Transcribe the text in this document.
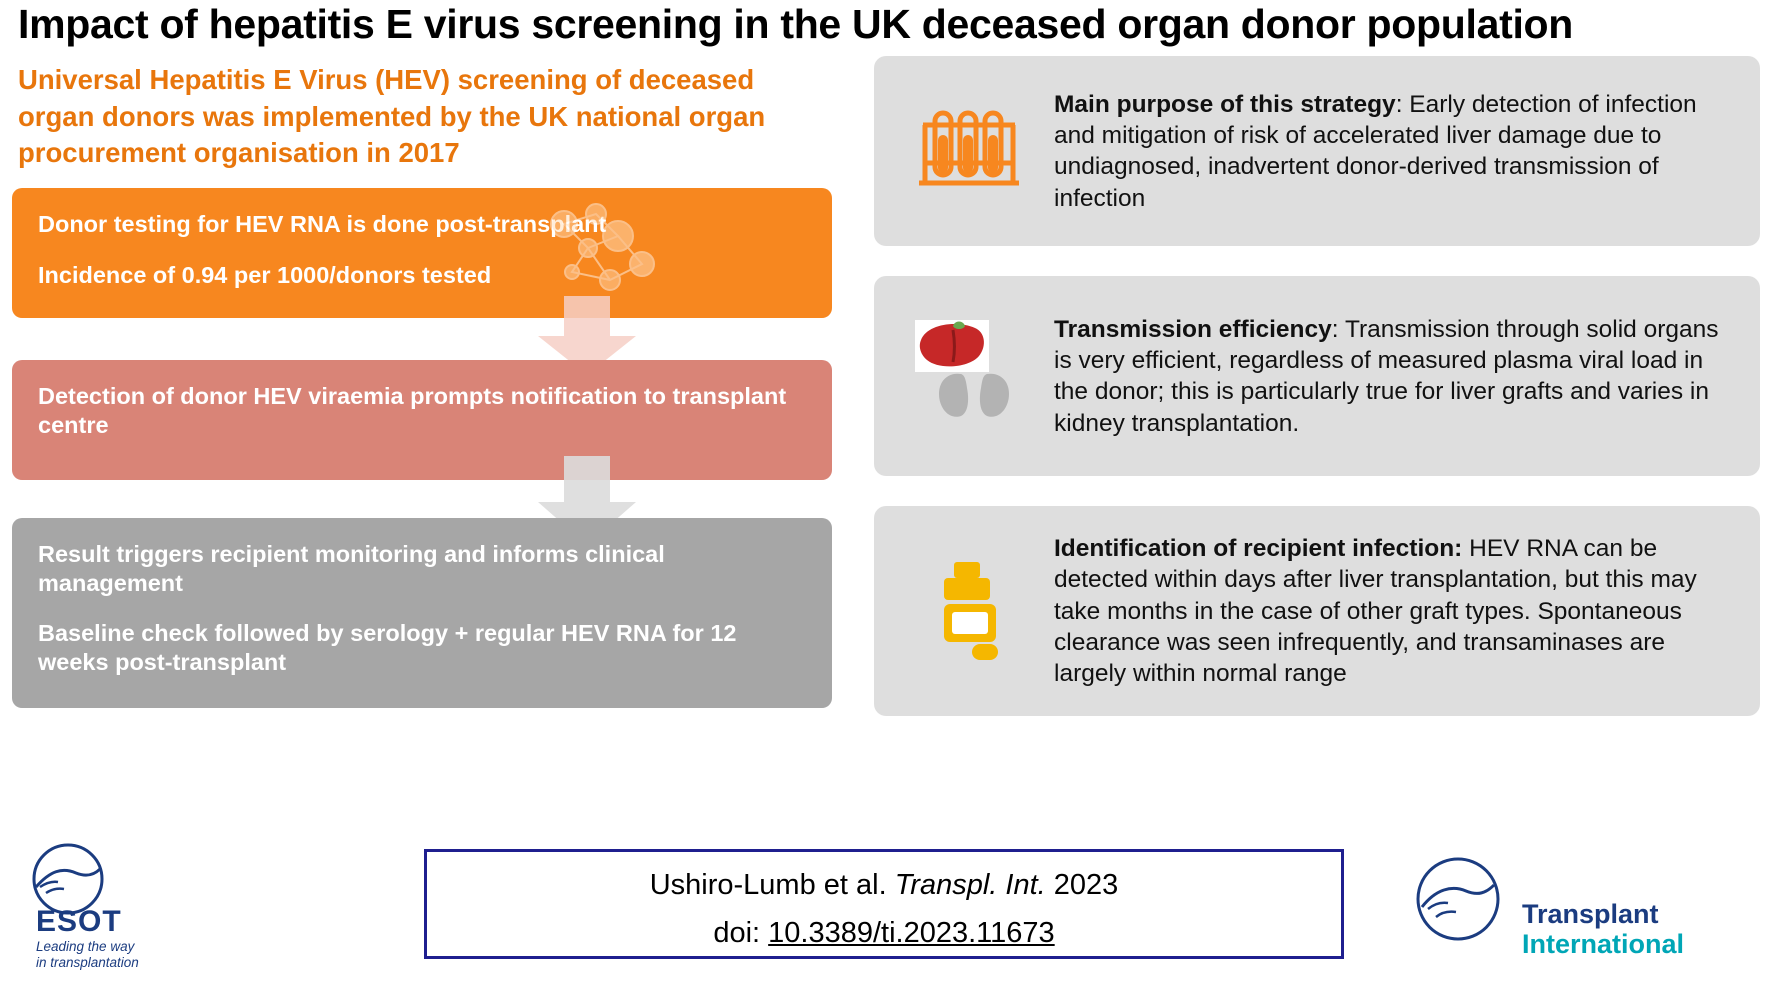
Impact of hepatitis E virus screening in the UK deceased organ donor population
Universal Hepatitis E Virus (HEV) screening of deceased organ donors was implemented by the UK national organ procurement organisation in 2017

Donor testing for HEV RNA is done post-transplant

Incidence of 0.94 per 1000/donors tested

Detection of donor HEV viraemia prompts notification to transplant centre

Result triggers recipient monitoring and informs clinical management

Baseline check followed by serology + regular HEV RNA for 12 weeks post-transplant

Main purpose of this strategy: Early detection of infection and mitigation of risk of accelerated liver damage due to undiagnosed, inadvertent donor-derived transmission of infection
Transmission efficiency: Transmission through solid organs is very efficient, regardless of measured plasma viral load in the donor; this is particularly true for liver grafts and varies in kidney transplantation.
Identification of recipient infection: HEV RNA can be detected within days after liver transplantation, but this may take months in the case of other graft types. Spontaneous clearance was seen infrequently, and transaminases are largely within normal range
ESOT
Leading the way
in transplantation
Ushiro-Lumb et al. Transpl. Int. 2023
doi: 10.3389/ti.2023.11673
Transplant
International
